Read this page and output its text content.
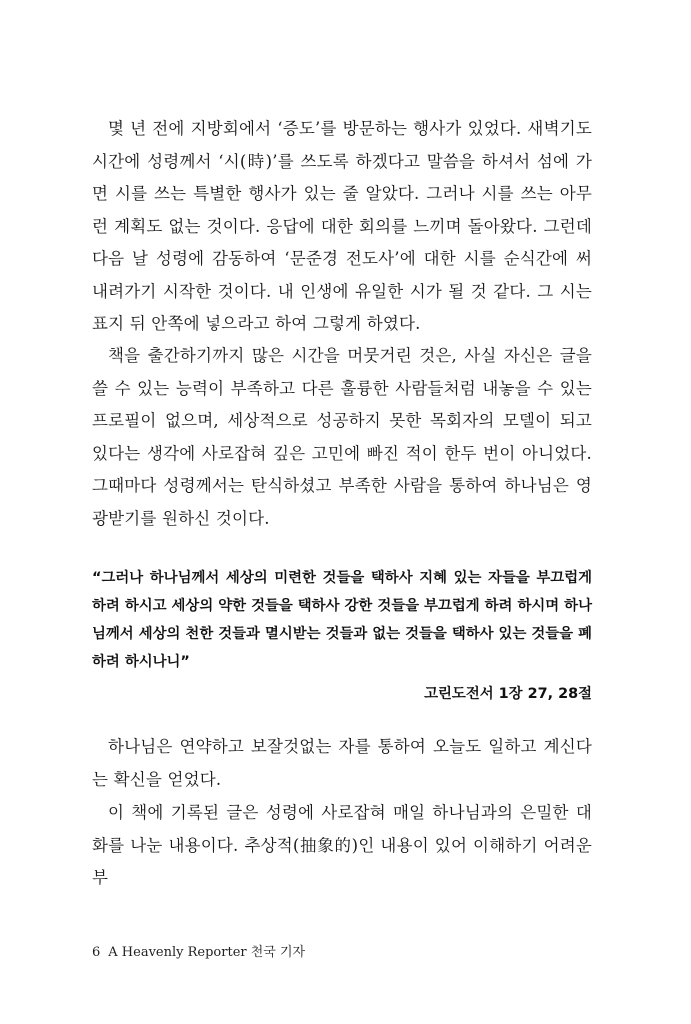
몇 년 전에 지방회에서 ‘증도’를 방문하는 행사가 있었다. 새벽기도 시간에 성령께서 ‘시(時)’를 쓰도록 하겠다고 말씀을 하셔서 섬에 가면 시를 쓰는 특별한 행사가 있는 줄 알았다. 그러나 시를 쓰는 아무런 계획도 없는 것이다. 응답에 대한 회의를 느끼며 돌아왔다. 그런데 다음 날 성령에 감동하여 ‘문준경 전도사’에 대한 시를 순식간에 써 내려가기 시작한 것이다. 내 인생에 유일한 시가 될 것 같다. 그 시는 표지 뒤 안쪽에 넣으라고 하여 그렇게 하였다.

책을 출간하기까지 많은 시간을 머뭇거린 것은, 사실 자신은 글을 쓸 수 있는 능력이 부족하고 다른 훌륭한 사람들처럼 내놓을 수 있는 프로필이 없으며, 세상적으로 성공하지 못한 목회자의 모델이 되고 있다는 생각에 사로잡혀 깊은 고민에 빠진 적이 한두 번이 아니었다. 그때마다 성령께서는 탄식하셨고 부족한 사람을 통하여 하나님은 영광받기를 원하신 것이다.

“그러나 하나님께서 세상의 미련한 것들을 택하사 지혜 있는 자들을 부끄럽게 하려 하시고 세상의 약한 것들을 택하사 강한 것들을 부끄럽게 하려 하시며 하나님께서 세상의 천한 것들과 멸시받는 것들과 없는 것들을 택하사 있는 것들을 폐하려 하시나니”

고린도전서 1장 27, 28절

하나님은 연약하고 보잘것없는 자를 통하여 오늘도 일하고 계신다는 확신을 얻었다.

이 책에 기록된 글은 성령에 사로잡혀 매일 하나님과의 은밀한 대화를 나눈 내용이다. 추상적(抽象的)인 내용이 있어 이해하기 어려운 부

6 A Heavenly Reporter 천국 기자
